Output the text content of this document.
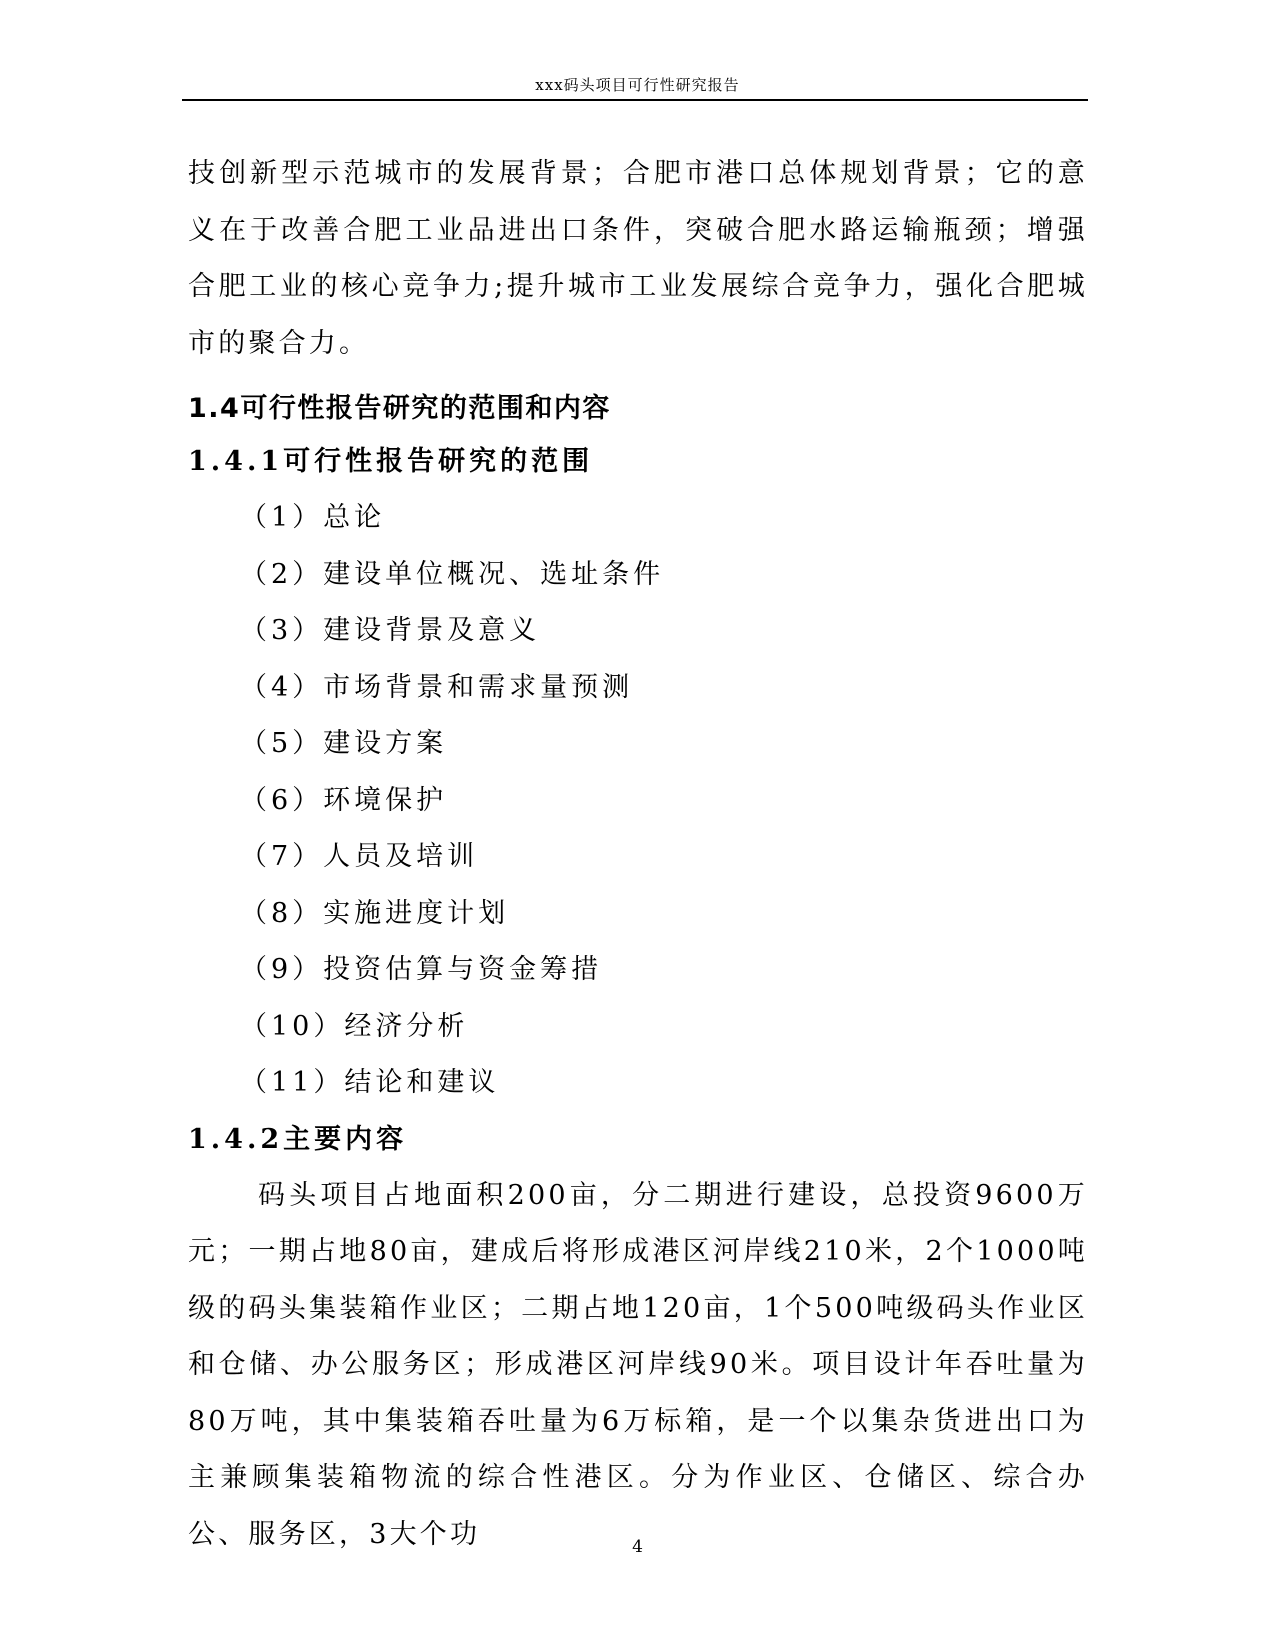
xxx码头项目可行性研究报告

技创新型示范城市的发展背景；合肥市港口总体规划背景；它的意义在于改善合肥工业品进出口条件，突破合肥水路运输瓶颈；增强合肥工业的核心竞争力;提升城市工业发展综合竞争力，强化合肥城市的聚合力。

1.4可行性报告研究的范围和内容
1.4.1可行性报告研究的范围
（1）总论
（2）建设单位概况、选址条件
（3）建设背景及意义
（4）市场背景和需求量预测
（5）建设方案
（6）环境保护
（7）人员及培训
（8）实施进度计划
（9）投资估算与资金筹措
（10）经济分析
（11）结论和建议
1.4.2主要内容

码头项目占地面积200亩，分二期进行建设，总投资9600万元；一期占地80亩，建成后将形成港区河岸线210米，2个1000吨级的码头集装箱作业区；二期占地120亩，1个500吨级码头作业区和仓储、办公服务区；形成港区河岸线90米。项目设计年吞吐量为80万吨，其中集装箱吞吐量为6万标箱，是一个以集杂货进出口为主兼顾集装箱物流的综合性港区。分为作业区、仓储区、综合办公、服务区，3大个功	4
